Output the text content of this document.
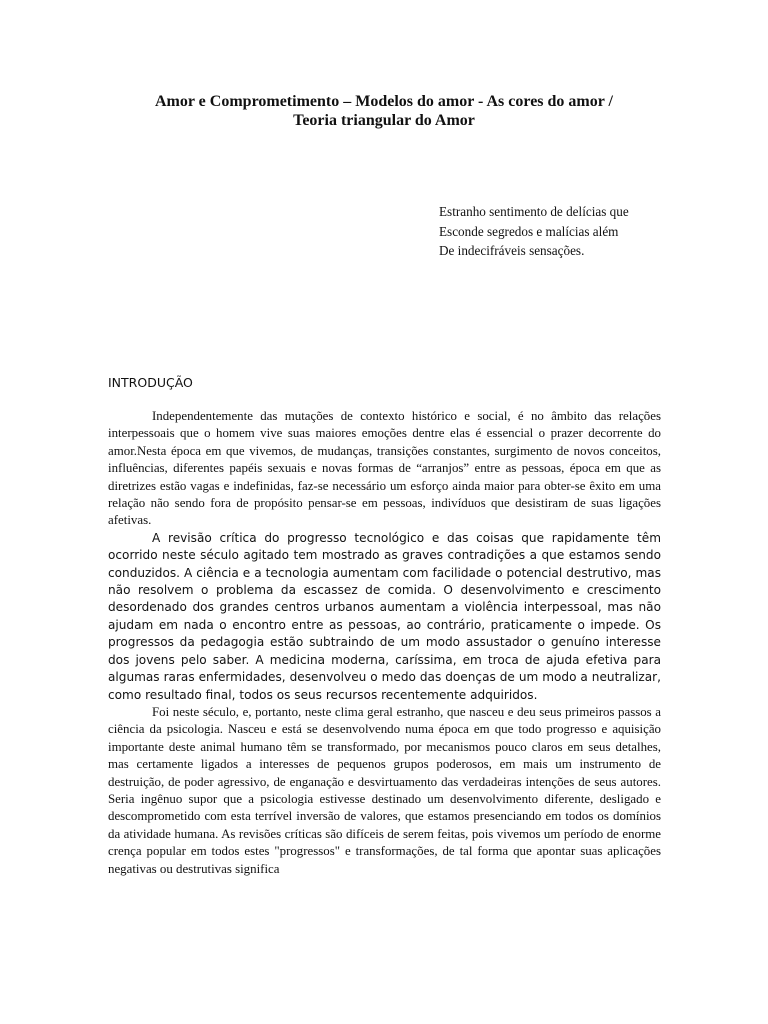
Amor e Comprometimento – Modelos do amor - As cores do amor /
Teoria triangular do Amor
Estranho sentimento de delícias que
Esconde segredos e malícias além
De indecifráveis sensações.
INTRODUÇÃO

Independentemente das mutações de contexto histórico e social, é no âmbito das relações interpessoais que o homem vive suas maiores emoções dentre elas é essencial o prazer decorrente do amor.Nesta época em que vivemos, de mudanças, transições constantes, surgimento de novos conceitos, influências, diferentes papéis sexuais e novas formas de “arranjos” entre as pessoas, época em que as diretrizes estão vagas e indefinidas, faz-se necessário um esforço ainda maior para obter-se êxito em uma relação não sendo fora de propósito pensar-se em pessoas, indivíduos que desistiram de suas ligações afetivas.

A revisão crítica do progresso tecnológico e das coisas que rapidamente têm ocorrido neste século agitado tem mostrado as graves contradições a que estamos sendo conduzidos. A ciência e a tecnologia aumentam com facilidade o potencial destrutivo, mas não resolvem o problema da escassez de comida. O desenvolvimento e crescimento desordenado dos grandes centros urbanos aumentam a violência interpessoal, mas não ajudam em nada o encontro entre as pessoas, ao contrário, praticamente o impede. Os progressos da pedagogia estão subtraindo de um modo assustador o genuíno interesse dos jovens pelo saber. A medicina moderna, caríssima, em troca de ajuda efetiva para algumas raras enfermidades, desenvolveu o medo das doenças de um modo a neutralizar, como resultado final, todos os seus recursos recentemente adquiridos.

Foi neste século, e, portanto, neste clima geral estranho, que nasceu e deu seus primeiros passos a ciência da psicologia. Nasceu e está se desenvolvendo numa época em que todo progresso e aquisição importante deste animal humano têm se transformado, por mecanismos pouco claros em seus detalhes, mas certamente ligados a interesses de pequenos grupos poderosos, em mais um instrumento de destruição, de poder agressivo, de enganação e desvirtuamento das verdadeiras intenções de seus autores. Seria ingênuo supor que a psicologia estivesse destinado um desenvolvimento diferente, desligado e descomprometido com esta terrível inversão de valores, que estamos presenciando em todos os domínios da atividade humana. As revisões críticas são difíceis de serem feitas, pois vivemos um período de enorme crença popular em todos estes "progressos" e transformações, de tal forma que apontar suas aplicações negativas ou destrutivas significa
